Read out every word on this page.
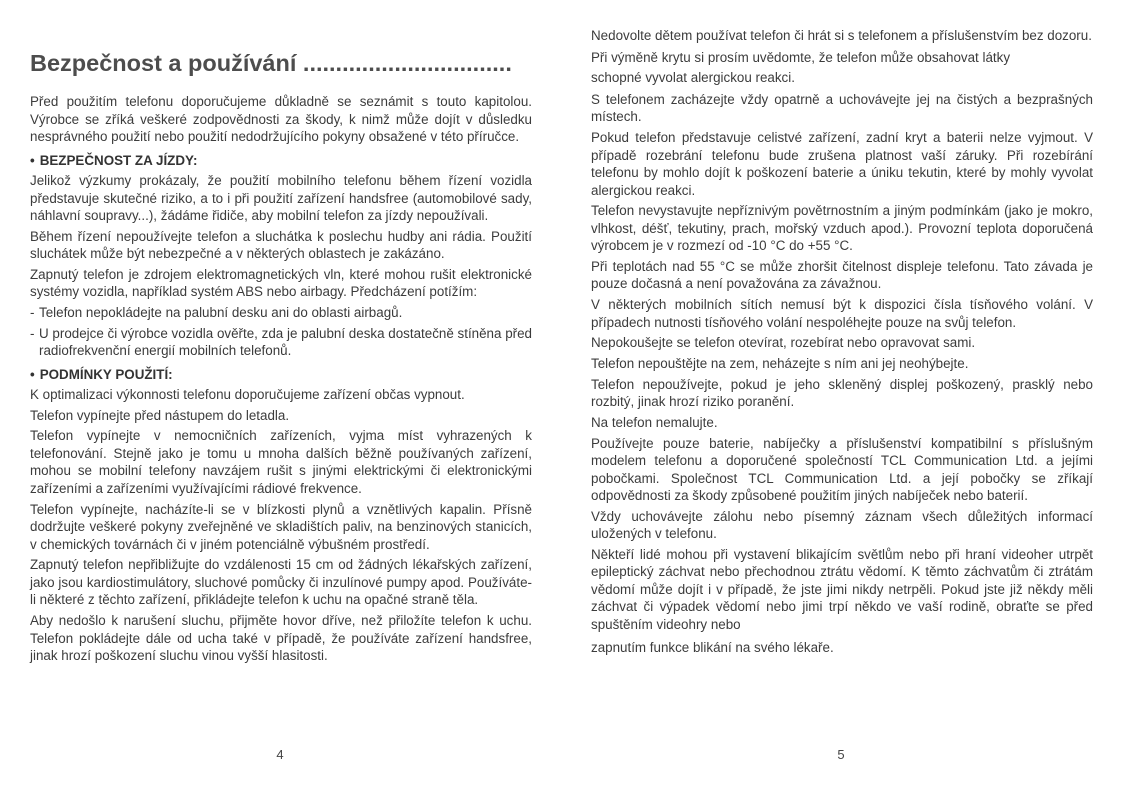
Bezpečnost a používání ................................

Před použitím telefonu doporučujeme důkladně se seznámit s touto kapitolou. Výrobce se zříká veškeré zodpovědnosti za škody, k nimž může dojít v důsledku nesprávného použití nebo použití nedodržujícího pokyny obsažené v této příručce.

• BEZPEČNOST ZA JÍZDY:

Jelikož výzkumy prokázaly, že použití mobilního telefonu během řízení vozidla představuje skutečné riziko, a to i při použití zařízení handsfree (automobilové sady, náhlavní soupravy...), žádáme řidiče, aby mobilní telefon za jízdy nepoužívali.

Během řízení nepoužívejte telefon a sluchátka k poslechu hudby ani rádia. Použití sluchátek může být nebezpečné a v některých oblastech je zakázáno.

Zapnutý telefon je zdrojem elektromagnetických vln, které mohou rušit elektronické systémy vozidla, například systém ABS nebo airbagy. Předcházení potížím:

- Telefon nepokládejte na palubní desku ani do oblasti airbagů.
- U prodejce či výrobce vozidla ověřte, zda je palubní deska dostatečně stíněna před radiofrekvenční energií mobilních telefonů.
• PODMÍNKY POUŽITÍ:

K optimalizaci výkonnosti telefonu doporučujeme zařízení občas vypnout.

Telefon vypínejte před nástupem do letadla.

Telefon vypínejte v nemocničních zařízeních, vyjma míst vyhrazených k telefonování. Stejně jako je tomu u mnoha dalších běžně používaných zařízení, mohou se mobilní telefony navzájem rušit s jinými elektrickými či elektronickými zařízeními a zařízeními využívajícími rádiové frekvence.

Telefon vypínejte, nacházíte-li se v blízkosti plynů a vznětlivých kapalin. Přísně dodržujte veškeré pokyny zveřejněné ve skladištích paliv, na benzinových stanicích, v chemických továrnách či v jiném potenciálně výbušném prostředí.

Zapnutý telefon nepřibližujte do vzdálenosti 15 cm od žádných lékařských zařízení, jako jsou kardiostimulátory, sluchové pomůcky či inzulínové pumpy apod. Používáte-li některé z těchto zařízení, přikládejte telefon k uchu na opačné straně těla.

Aby nedošlo k narušení sluchu, přijměte hovor dříve, než přiložíte telefon k uchu. Telefon pokládejte dále od ucha také v případě, že používáte zařízení handsfree, jinak hrozí poškození sluchu vinou vyšší hlasitosti.

4

Nedovolte dětem používat telefon či hrát si s telefonem a příslušenstvím bez dozoru.

Při výměně krytu si prosím uvědomte, že telefon může obsahovat látky
schopné vyvolat alergickou reakci.

S telefonem zacházejte vždy opatrně a uchovávejte jej na čistých a bezprašných místech.

Pokud telefon představuje celistvé zařízení, zadní kryt a baterii nelze vyjmout. V případě rozebrání telefonu bude zrušena platnost vaší záruky. Při rozebírání telefonu by mohlo dojít k poškození baterie a úniku tekutin, které by mohly vyvolat alergickou reakci.

Telefon nevystavujte nepříznivým povětrnostním a jiným podmínkám (jako je mokro, vlhkost, déšť, tekutiny, prach, mořský vzduch apod.). Provozní teplota doporučená výrobcem je v rozmezí od -10 °C do +55 °C.

Při teplotách nad 55 °C se může zhoršit čitelnost displeje telefonu. Tato závada je pouze dočasná a není považována za závažnou.

V některých mobilních sítích nemusí být k dispozici čísla tísňového volání. V případech nutnosti tísňového volání nespoléhejte pouze na svůj telefon.

Nepokoušejte se telefon otevírat, rozebírat nebo opravovat sami.

Telefon nepouštějte na zem, neházejte s ním ani jej neohýbejte.

Telefon nepoužívejte, pokud je jeho skleněný displej poškozený, prasklý nebo rozbitý, jinak hrozí riziko poranění.

Na telefon nemalujte.

Používejte pouze baterie, nabíječky a příslušenství kompatibilní s příslušným modelem telefonu a doporučené společností TCL Communication Ltd. a jejími pobočkami. Společnost TCL Communication Ltd. a její pobočky se zříkají odpovědnosti za škody způsobené použitím jiných nabíječek nebo baterií.

Vždy uchovávejte zálohu nebo písemný záznam všech důležitých informací uložených v telefonu.

Někteří lidé mohou při vystavení blikajícím světlům nebo při hraní videoher utrpět epileptický záchvat nebo přechodnou ztrátu vědomí. K těmto záchvatům či ztrátám vědomí může dojít i v případě, že jste jimi nikdy netrpěli. Pokud jste již někdy měli záchvat či výpadek vědomí nebo jimi trpí někdo ve vaší rodině, obraťte se před spuštěním videohry nebo

zapnutím funkce blikání na svého lékaře.

5
